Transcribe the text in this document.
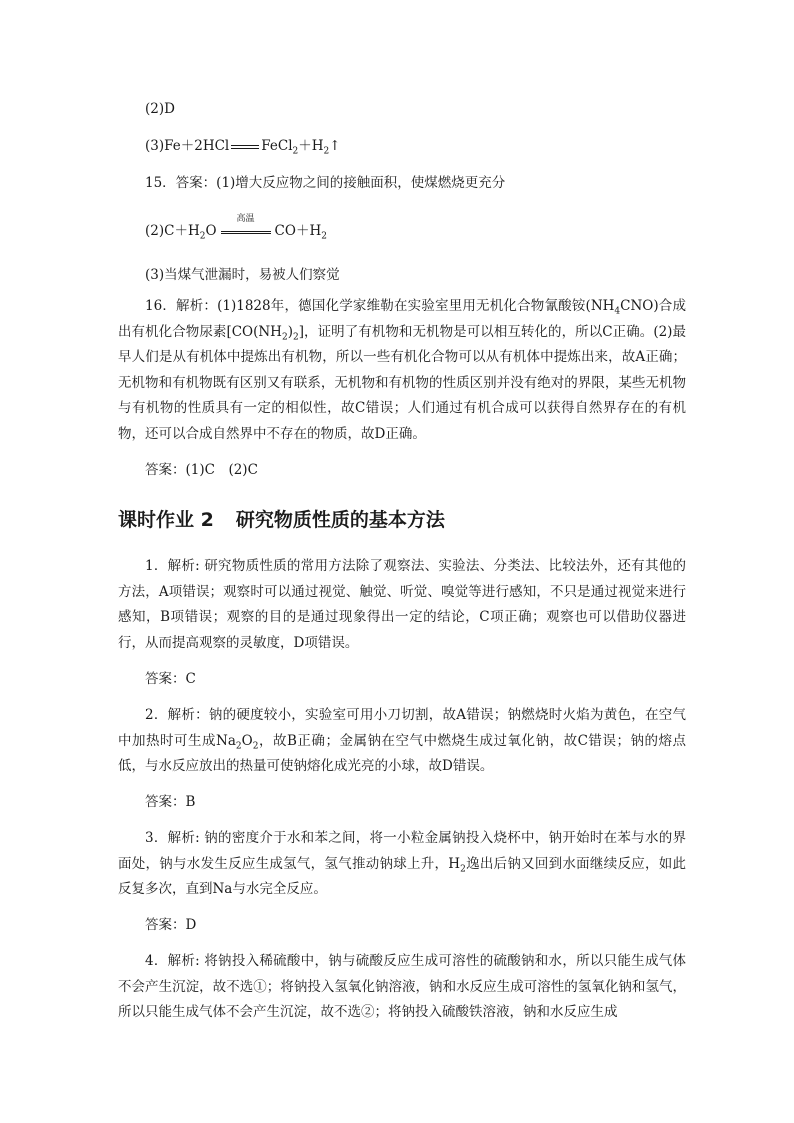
(2)D
(3)Fe＋2HCl $FeCl_2+H_2↑$
15．答案：(1)增大反应物之间的接触面积，使煤燃烧更充分
$(2)C+H_2O$
高温
$CO+H_2$
(3)当煤气泄漏时，易被人们察觉
16．解析：(1)1828年，德国化学家维勒在实验室里用无机化合物氰酸铵$(NH_4CNO)$合成出有机化合物尿素$[CO(NH_2)_2]$，证明了有机物和无机物是可以相互转化的，所以C正确。(2)最早人们是从有机体中提炼出有机物，所以一些有机化合物可以从有机体中提炼出来，故A正确；无机物和有机物既有区别又有联系，无机物和有机物的性质区别并没有绝对的界限，某些无机物与有机物的性质具有一定的相似性，故C错误；人们通过有机合成可以获得自然界存在的有机物，还可以合成自然界中不存在的物质，故D正确。
答案：(1)C　(2)C
课时作业 2 研究物质性质的基本方法
1．解析: 研究物质性质的常用方法除了观察法、实验法、分类法、比较法外，还有其他的方法，A项错误；观察时可以通过视觉、触觉、听觉、嗅觉等进行感知，不只是通过视觉来进行感知，B项错误；观察的目的是通过现象得出一定的结论，C项正确；观察也可以借助仪器进行，从而提高观察的灵敏度，D项错误。
答案：C
2．解析：钠的硬度较小，实验室可用小刀切割，故A错误；钠燃烧时火焰为黄色，在空气中加热时可生成$Na_2O_2$，故B正确；金属钠在空气中燃烧生成过氧化钠，故C错误；钠的熔点低，与水反应放出的热量可使钠熔化成光亮的小球，故D错误。
答案：B
3．解析: 钠的密度介于水和苯之间，将一小粒金属钠投入烧杯中，钠开始时在苯与水的界面处，钠与水发生反应生成氢气，氢气推动钠球上升，$H_2$逸出后钠又回到水面继续反应，如此反复多次，直到Na与水完全反应。
答案：D
4．解析: 将钠投入稀硫酸中，钠与硫酸反应生成可溶性的硫酸钠和水，所以只能生成气体不会产生沉淀，故不选①；将钠投入氢氧化钠溶液，钠和水反应生成可溶性的氢氧化钠和氢气，所以只能生成气体不会产生沉淀，故不选②；将钠投入硫酸铁溶液，钠和水反应生成
